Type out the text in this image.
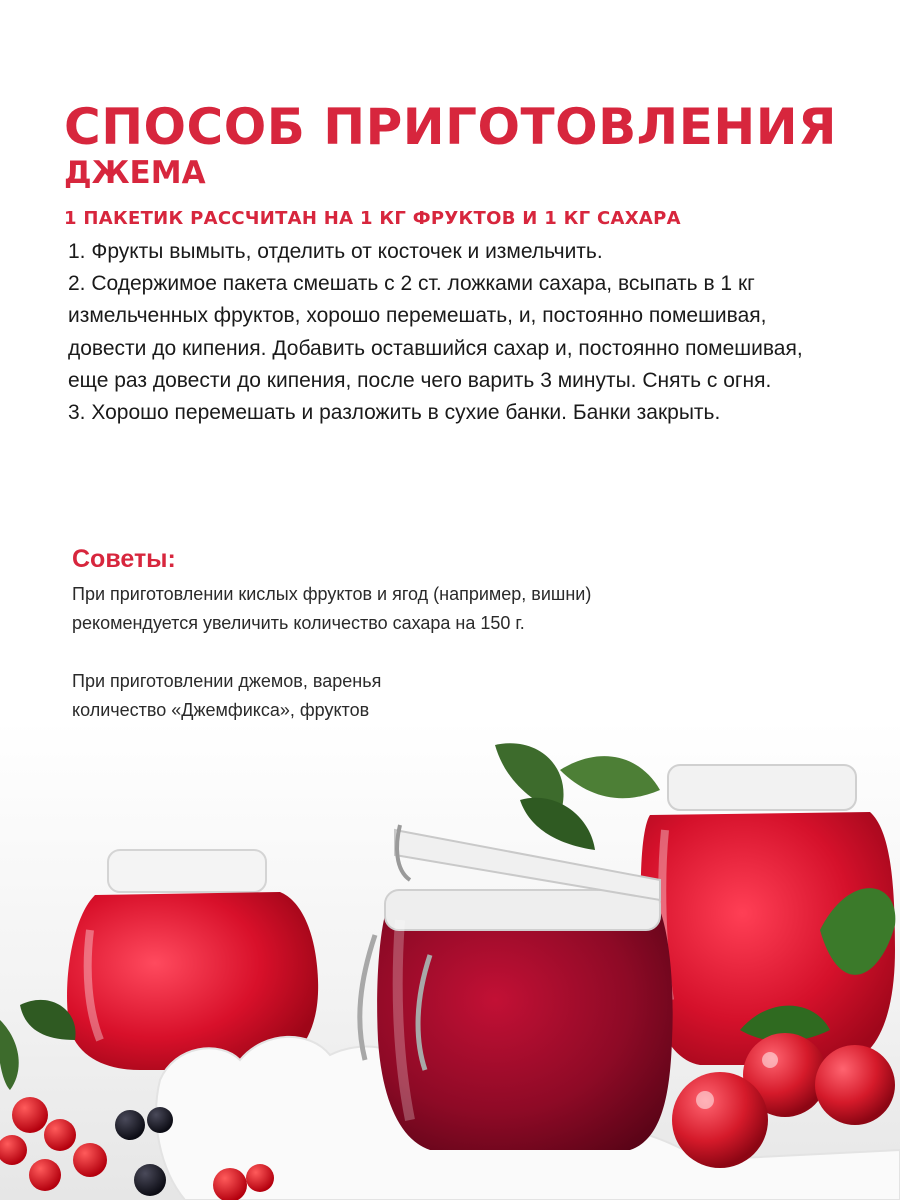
СПОСОБ ПРИГОТОВЛЕНИЯ
ДЖЕМА
1 ПАКЕТИК РАССЧИТАН НА 1 КГ ФРУКТОВ И 1 КГ САХАРА

1. Фрукты вымыть, отделить от косточек и измельчить.

2. Содержимое пакета смешать с 2 ст. ложками сахара, всыпать в 1 кг измельченных фруктов, хорошо перемешать, и, постоянно помешивая, довести до кипения. Добавить оставшийся сахар и, постоянно помешивая, еще раз довести до кипения, после чего варить 3 минуты. Снять с огня.

3. Хорошо перемешать и разложить в сухие банки. Банки закрыть.

Советы:

При приготовлении кислых фруктов и ягод (например, вишни)

рекомендуется увеличить количество сахара на 150 г.

При приготовлении джемов, варенья

количество «Джемфикса», фруктов
